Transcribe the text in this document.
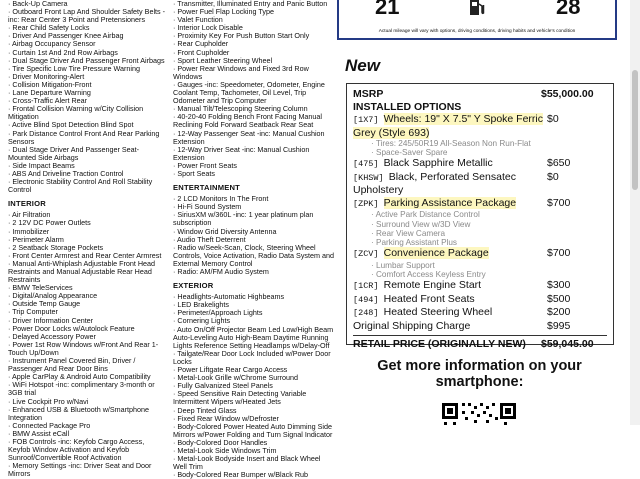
· Back-Up Camera
· Outboard Front Lap And Shoulder Safety Belts -inc: Rear Center 3 Point and Pretensioners
· Rear Child Safety Locks
· Driver And Passenger Knee Airbag
· Airbag Occupancy Sensor
· Curtain 1st And 2nd Row Airbags
· Dual Stage Driver And Passenger Front Airbags
· Tire Specific Low Tire Pressure Warning
· Driver Monitoring-Alert
· Collision Mitigation-Front
· Lane Departure Warning
· Cross-Traffic Alert Rear
· Frontal Collision Warning w/City Collision Mitigation
· Active Blind Spot Detection Blind Spot
· Park Distance Control Front And Rear Parking Sensors
· Dual Stage Driver And Passenger Seat-Mounted Side Airbags
· Side Impact Beams
· ABS And Driveline Traction Control
· Electronic Stability Control And Roll Stability Control
INTERIOR
· Air Filtration
· 2 12V DC Power Outlets
· Immobilizer
· Perimeter Alarm
· 2 Seatback Storage Pockets
· Front Center Armrest and Rear Center Armrest
· Manual Anti-Whiplash Adjustable Front Head Restraints and Manual Adjustable Rear Head Restraints
· BMW TeleServices
· Digital/Analog Appearance
· Outside Temp Gauge
· Trip Computer
· Driver Information Center
· Power Door Locks w/Autolock Feature
· Delayed Accessory Power
· Power 1st Row Windows w/Front And Rear 1-Touch Up/Down
· Instrument Panel Covered Bin, Driver / Passenger And Rear Door Bins
· Apple CarPlay & Android Auto Compatibility
· WiFi Hotspot -inc: complimentary 3-month or 3GB trial
· Live Cockpit Pro w/Navi
· Enhanced USB & Bluetooth w/Smartphone Integration
· Connected Package Pro
· BMW Assist eCall
· FOB Controls -inc: Keyfob Cargo Access, Keyfob Window Activation and Keyfob Sunroof/Convertible Roof Activation
· Memory Settings -inc: Driver Seat and Door Mirrors
· Transmitter, Illuminated Entry and Panic Button
· Power Fuel Flap Locking Type
· Valet Function
· Interior Lock Disable
· Proximity Key For Push Button Start Only
· Rear Cupholder
· Front Cupholder
· Sport Leather Steering Wheel
· Power Rear Windows and Fixed 3rd Row Windows
· Gauges -inc: Speedometer, Odometer, Engine Coolant Temp, Tachometer, Oil Level, Trip Odometer and Trip Computer
· Manual Tilt/Telescoping Steering Column
· 40-20-40 Folding Bench Front Facing Manual Reclining Fold Forward Seatback Rear Seat
· 12-Way Passenger Seat -inc: Manual Cushion Extension
· 12-Way Driver Seat -inc: Manual Cushion Extension
· Power Front Seats
· Sport Seats
ENTERTAINMENT
· 2 LCD Monitors In The Front
· Hi-Fi Sound System
· SiriusXM w/360L -inc: 1 year platinum plan subscription
· Window Grid Diversity Antenna
· Audio Theft Deterrent
· Radio w/Seek-Scan, Clock, Steering Wheel Controls, Voice Activation, Radio Data System and External Memory Control
· Radio: AM/FM Audio System
EXTERIOR
· Headlights-Automatic Highbeams
· LED Brakelights
· Perimeter/Approach Lights
· Cornering Lights
· Auto On/Off Projector Beam Led Low/High Beam Auto-Leveling Auto High-Beam Daytime Running Lights Reference Setting Headlamps w/Delay-Off
· Tailgate/Rear Door Lock Included w/Power Door Locks
· Power Liftgate Rear Cargo Access
· Metal-Look Grille w/Chrome Surround
· Fully Galvanized Steel Panels
· Speed Sensitive Rain Detecting Variable Intermittent Wipers w/Heated Jets
· Deep Tinted Glass
· Fixed Rear Window w/Defroster
· Body-Colored Power Heated Auto Dimming Side Mirrors w/Power Folding and Turn Signal Indicator
· Body-Colored Door Handles
· Metal-Look Side Windows Trim
· Metal-Look Bodyside Insert and Black Wheel Well Trim
· Body-Colored Rear Bumper w/Black Rub
21	28
Actual mileage will vary with options, driving conditions, driving habits and vehicle's condition
New
MSRP	$55,000.00
INSTALLED OPTIONS
[1X7] Wheels: 19" X 7.5" Y Spoke Ferric Grey (Style 693)
$0
· Tires: 245/50R19 All-Season Non Run-Flat
· Space-Saver Spare
[475] Black Sapphire Metallic	$650
[KHSW] Black, Perforated Sensatec Upholstery
$0
[ZPK] Parking Assistance Package	$700
· Active Park Distance Control
· Surround View w/3D View
· Rear View Camera
· Parking Assistant Plus
[ZCV] Convenience Package	$700
· Lumbar Support
· Comfort Access Keyless Entry
[1CR] Remote Engine Start	$300
[494] Heated Front Seats	$500
[248] Heated Steering Wheel	$200
Original Shipping Charge	$995
RETAIL PRICE (ORIGINALLY NEW)	$59,045.00
Get more information on your smartphone:
